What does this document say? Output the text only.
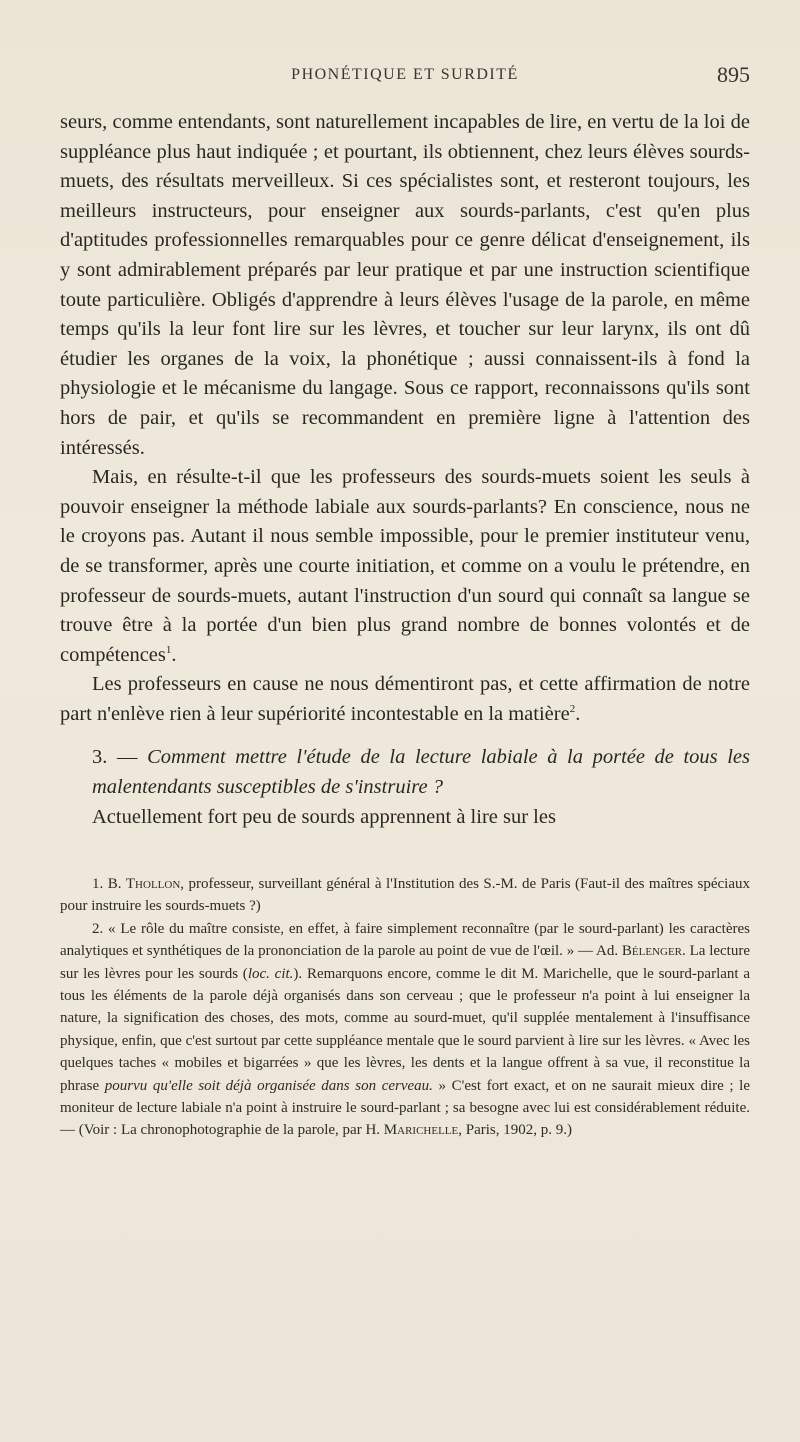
PHONÉTIQUE ET SURDITÉ	895

seurs, comme entendants, sont naturellement incapables de lire, en vertu de la loi de suppléance plus haut indiquée ; et pourtant, ils obtiennent, chez leurs élèves sourds-muets, des résultats merveilleux. Si ces spécialistes sont, et resteront toujours, les meilleurs instructeurs, pour enseigner aux sourds-parlants, c'est qu'en plus d'aptitudes professionnelles remarquables pour ce genre délicat d'enseignement, ils y sont admirablement préparés par leur pratique et par une instruction scientifique toute particulière. Obligés d'apprendre à leurs élèves l'usage de la parole, en même temps qu'ils la leur font lire sur les lèvres, et toucher sur leur larynx, ils ont dû étudier les organes de la voix, la phonétique ; aussi connaissent-ils à fond la physiologie et le mécanisme du langage. Sous ce rapport, reconnaissons qu'ils sont hors de pair, et qu'ils se recommandent en première ligne à l'attention des intéressés.

Mais, en résulte-t-il que les professeurs des sourds-muets soient les seuls à pouvoir enseigner la méthode labiale aux sourds-parlants? En conscience, nous ne le croyons pas. Autant il nous semble impossible, pour le premier instituteur venu, de se transformer, après une courte initiation, et comme on a voulu le prétendre, en professeur de sourds-muets, autant l'instruction d'un sourd qui connaît sa langue se trouve être à la portée d'un bien plus grand nombre de bonnes volontés et de compétences$^1$.

Les professeurs en cause ne nous démentiront pas, et cette affirmation de notre part n'enlève rien à leur supériorité incontestable en la matière$^2$.

3. — Comment mettre l'étude de la lecture labiale à la portée de tous les malentendants susceptibles de s'instruire ?

Actuellement fort peu de sourds apprennent à lire sur les

1. B. Thollon, professeur, surveillant général à l'Institution des S.-M. de Paris (Faut-il des maîtres spéciaux pour instruire les sourds-muets ?)

2. « Le rôle du maître consiste, en effet, à faire simplement reconnaître (par le sourd-parlant) les caractères analytiques et synthétiques de la prononciation de la parole au point de vue de l'œil. » — Ad. Bélenger. La lecture sur les lèvres pour les sourds (loc. cit.). Remarquons encore, comme le dit M. Marichelle, que le sourd-parlant a tous les éléments de la parole déjà organisés dans son cerveau ; que le professeur n'a point à lui enseigner la nature, la signification des choses, des mots, comme au sourd-muet, qu'il supplée mentalement à l'insuffisance physique, enfin, que c'est surtout par cette suppléance mentale que le sourd parvient à lire sur les lèvres. « Avec les quelques taches « mobiles et bigarrées » que les lèvres, les dents et la langue offrent à sa vue, il reconstitue la phrase pourvu qu'elle soit déjà organisée dans son cerveau. » C'est fort exact, et on ne saurait mieux dire ; le moniteur de lecture labiale n'a point à instruire le sourd-parlant ; sa besogne avec lui est considérablement réduite. — (Voir : La chronophotographie de la parole, par H. Marichelle, Paris, 1902, p. 9.)
